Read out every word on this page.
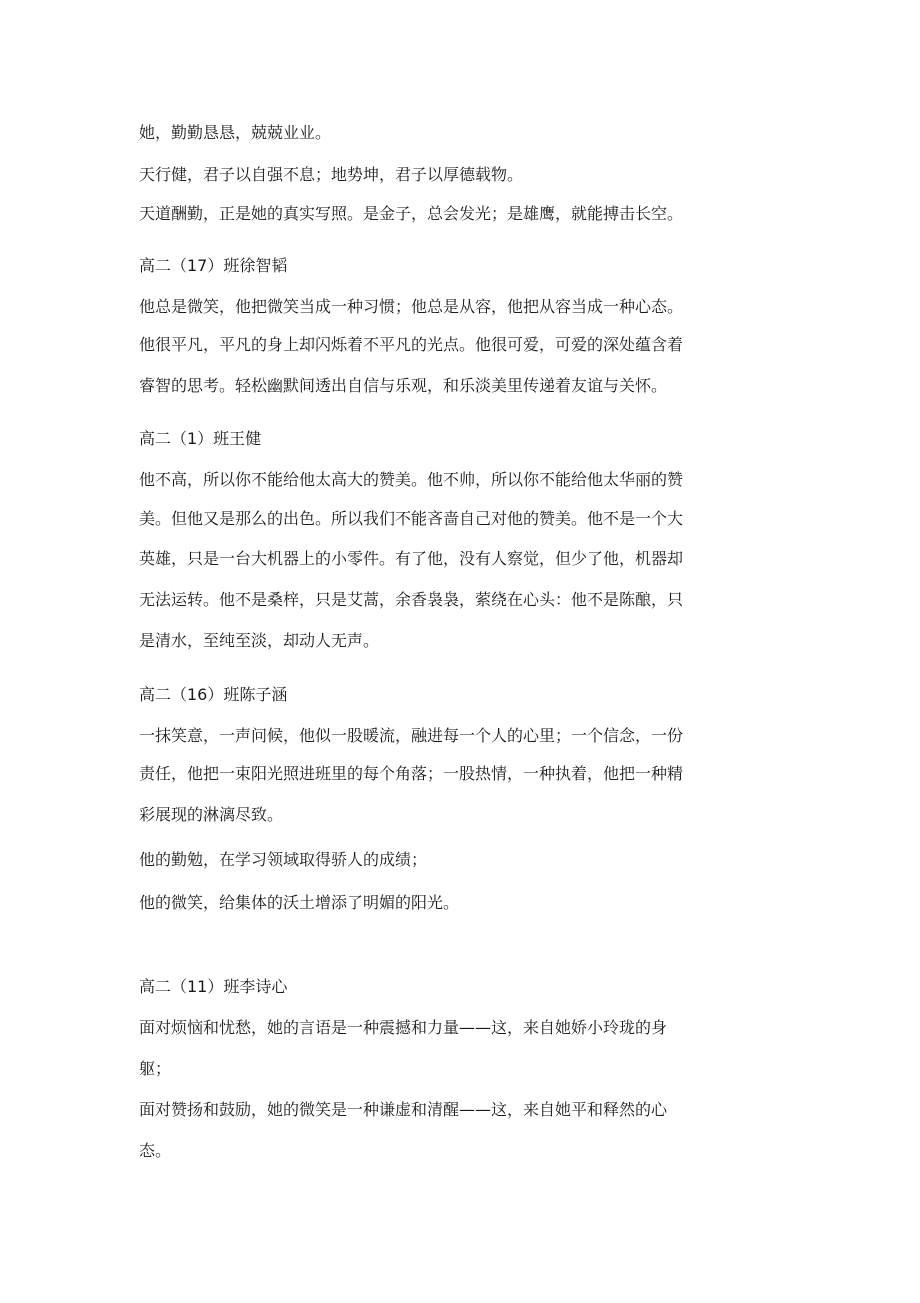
她，勤勤恳恳，兢兢业业。

天行健，君子以自强不息；地势坤，君子以厚德载物。

天道酬勤，正是她的真实写照。是金子，总会发光；是雄鹰，就能搏击长空。

高二（17）班徐智韬

他总是微笑，他把微笑当成一种习惯；他总是从容，他把从容当成一种心态。

他很平凡，平凡的身上却闪烁着不平凡的光点。他很可爱，可爱的深处蕴含着

睿智的思考。轻松幽默间透出自信与乐观，和乐淡美里传递着友谊与关怀。

高二（1）班王健

他不高，所以你不能给他太高大的赞美。他不帅，所以你不能给他太华丽的赞

美。但他又是那么的出色。所以我们不能吝啬自己对他的赞美。他不是一个大

英雄，只是一台大机器上的小零件。有了他，没有人察觉，但少了他，机器却

无法运转。他不是桑梓，只是艾蒿，余香袅袅，萦绕在心头：他不是陈酿，只

是清水，至纯至淡，却动人无声。

高二（16）班陈子涵

一抹笑意，一声问候，他似一股暖流，融进每一个人的心里；一个信念，一份

责任，他把一束阳光照进班里的每个角落；一股热情，一种执着，他把一种精

彩展现的淋漓尽致。

他的勤勉，在学习领域取得骄人的成绩；

他的微笑，给集体的沃土增添了明媚的阳光。

高二（11）班李诗心

面对烦恼和忧愁，她的言语是一种震撼和力量——这，来自她娇小玲珑的身

躯；

面对赞扬和鼓励，她的微笑是一种谦虚和清醒——这，来自她平和释然的心

态。
